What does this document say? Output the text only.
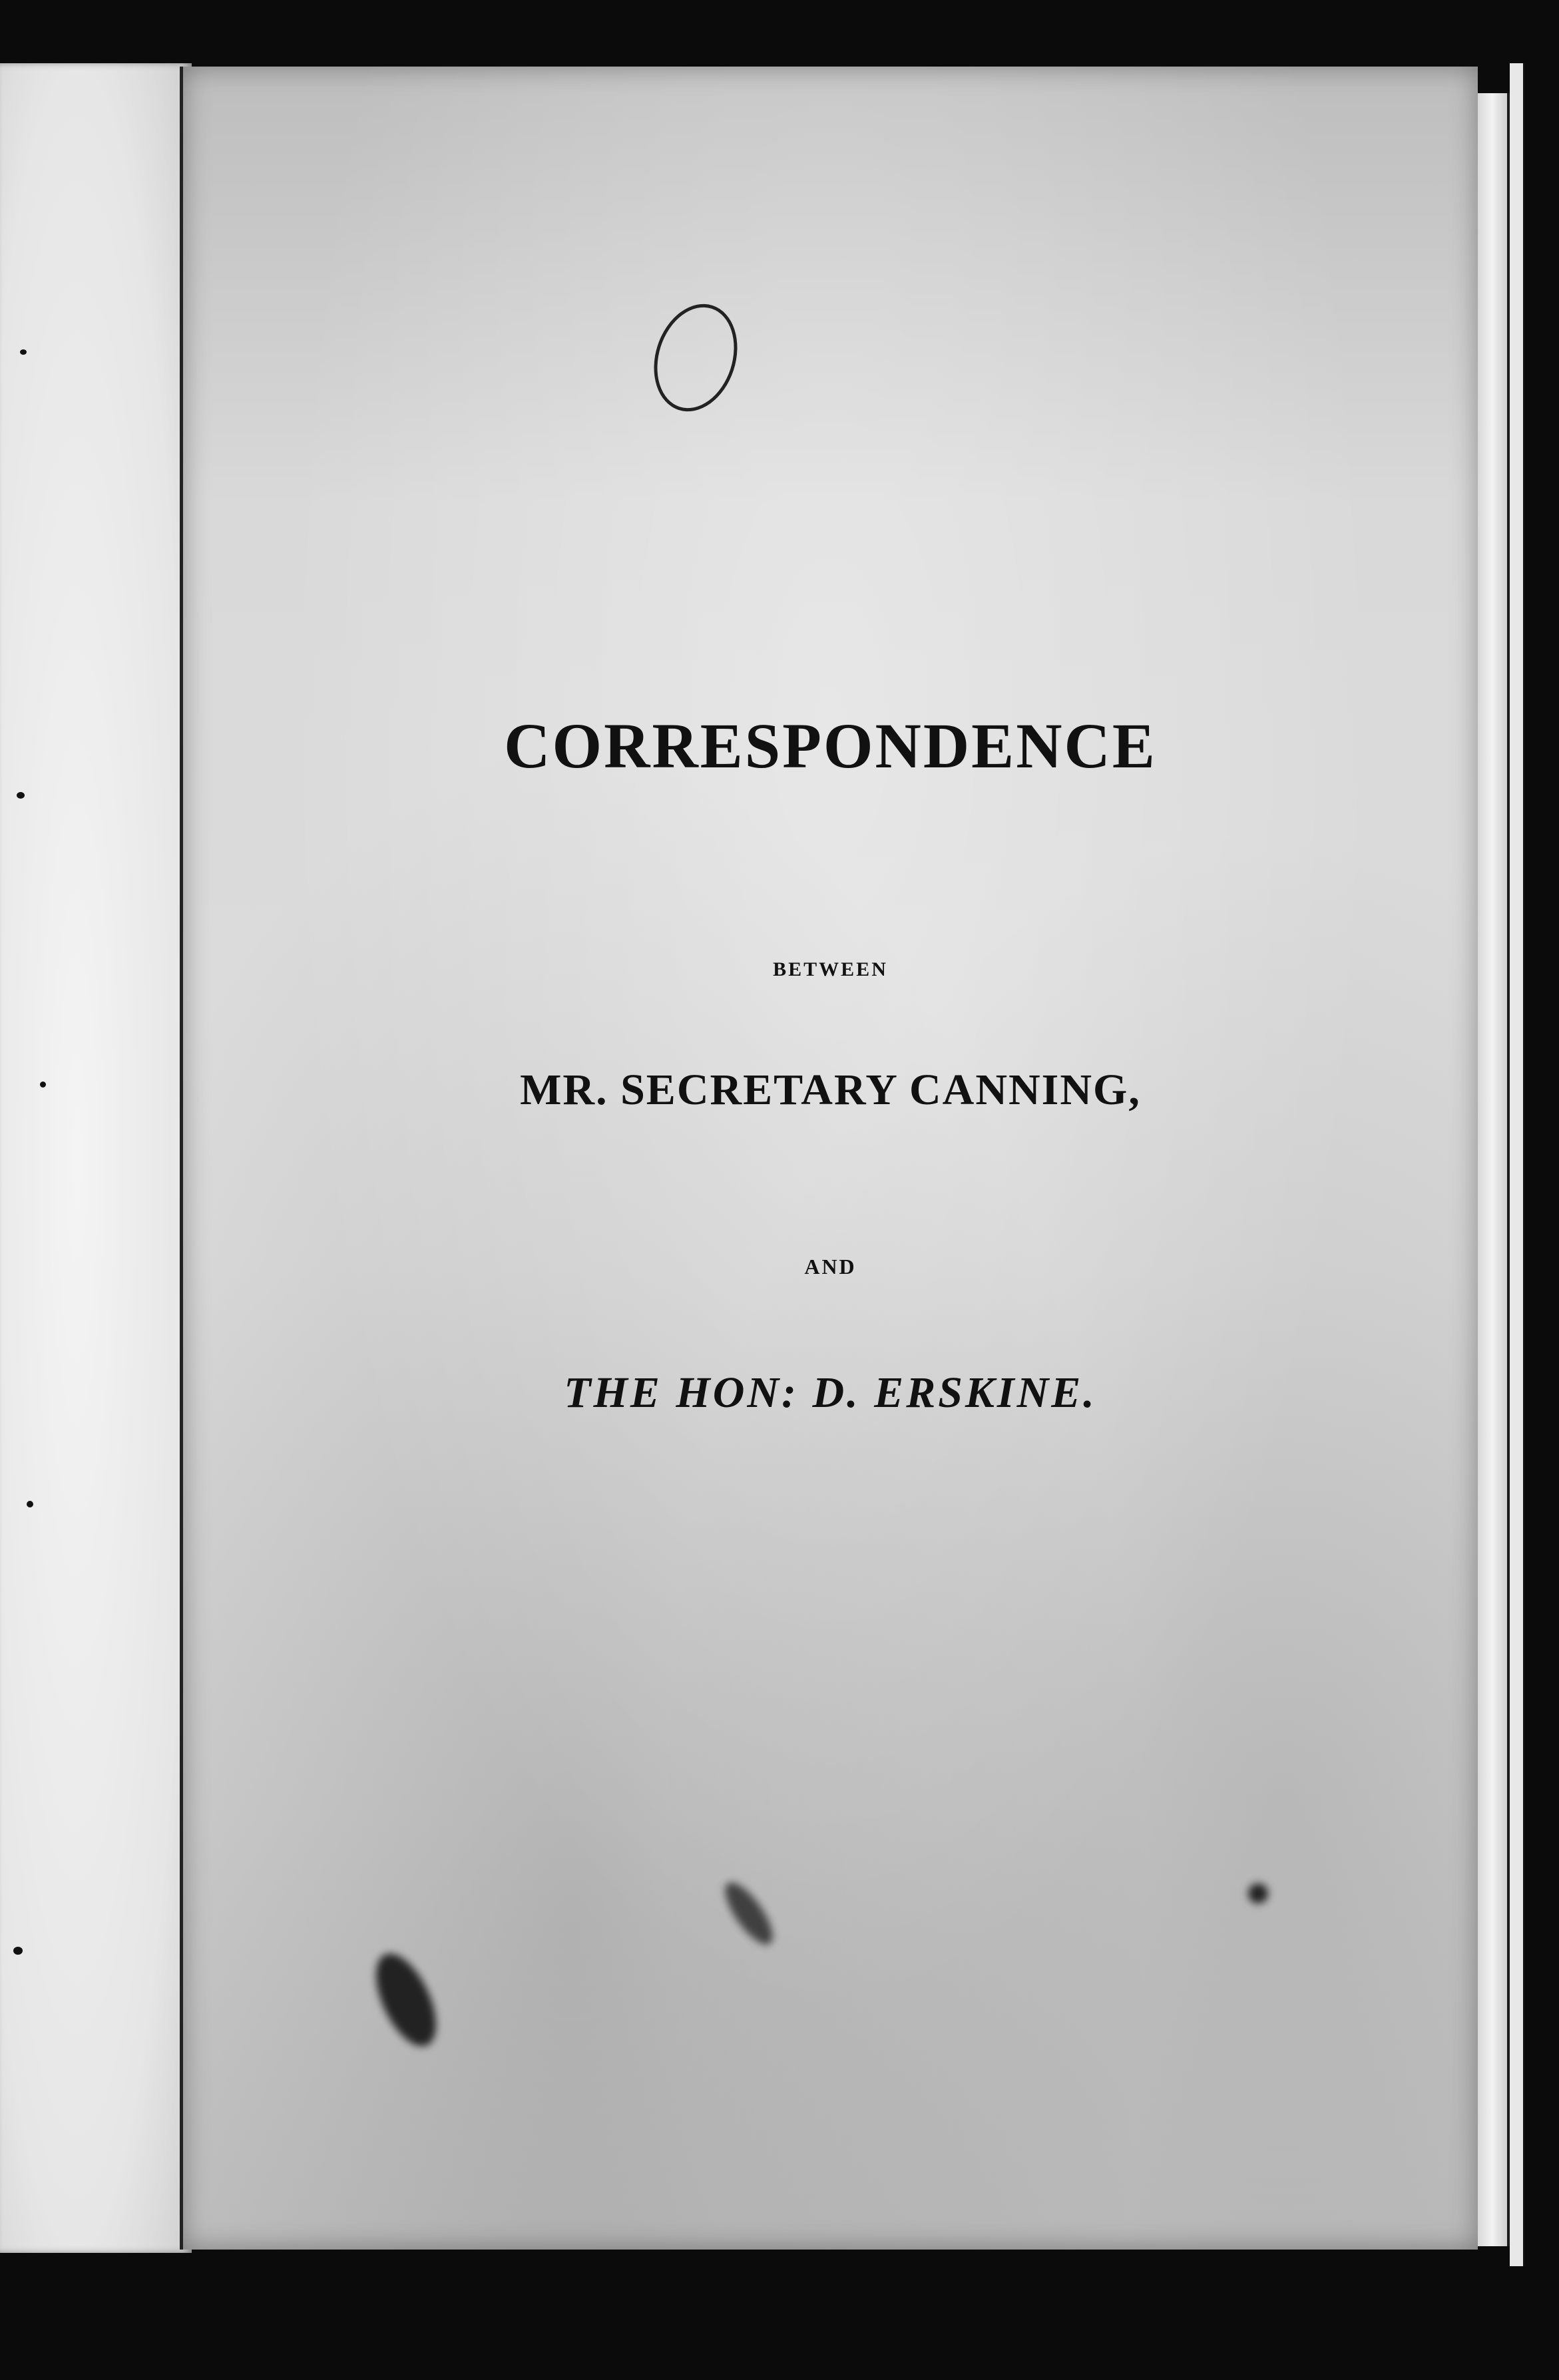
CORRESPONDENCE
BETWEEN
MR. SECRETARY CANNING,
AND
THE HON: D. ERSKINE.
